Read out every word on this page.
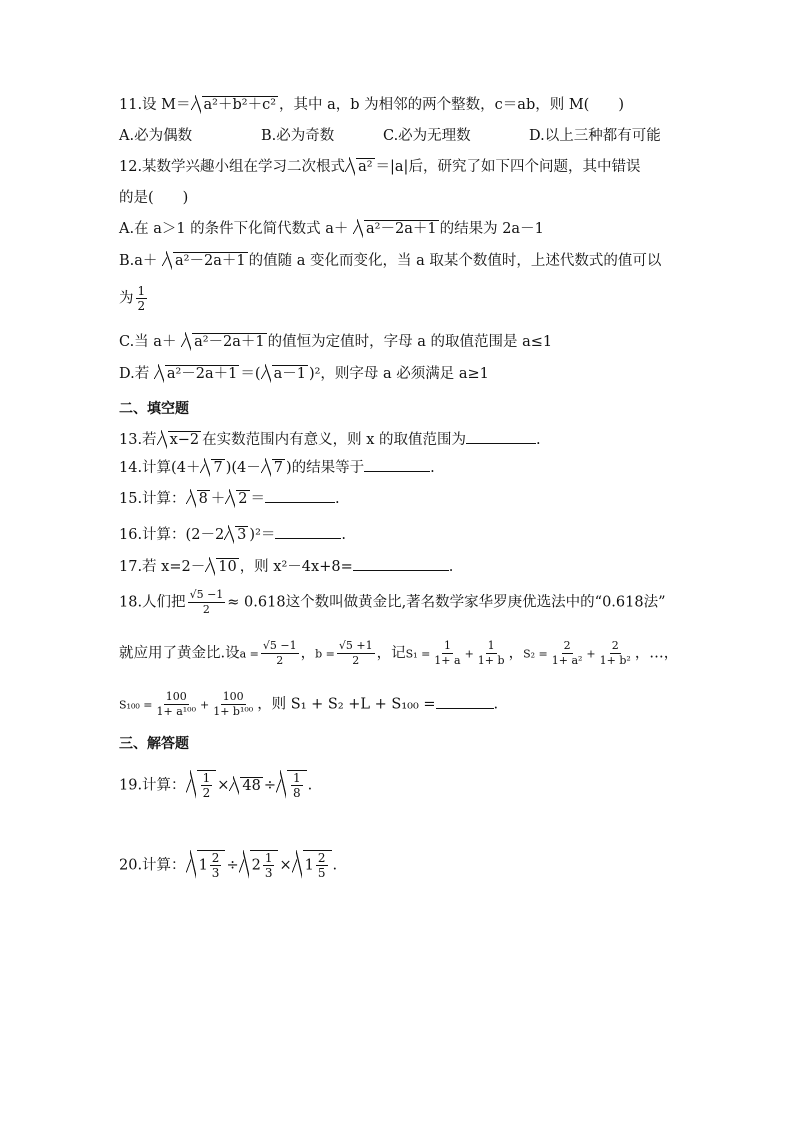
11.设 M＝ a²＋b²＋c² ，其中 a，b 为相邻的两个整数，c＝ab，则 M(　　)
A.必为偶数	B.必为奇数	C.必为无理数	D.以上三种都有可能
12.某数学兴趣小组在学习二次根式 a² ＝|a|后，研究了如下四个问题，其中错误
的是(　　)
A.在 a＞1 的条件下化简代数式 a＋ a²－2a＋1 的结果为 2a－1
B.a＋ a²－2a＋1 的值随 a 变化而变化，当 a 取某个数值时，上述代数式的值可以
为 $\frac{1}{2}$
C.当 a＋ a²－2a＋1 的值恒为定值时，字母 a 的取值范围是 a≤1
D.若 a²－2a＋1 ＝( a－1 )²，则字母 a 必须满足 a≥1
二、填空题
13.若 x−2 在实数范围内有意义，则 x 的取值范围为	.
14.计算(4＋ 7 )(4－ 7 )的结果等于	.
15.计算： 8 ＋ 2 ＝	.
16.计算：(2－2 3 )²＝	.
17.若 x=2－ 10 ，则 x²－4x+8=	.
18.人们把 $\frac{√5 -1}{2} \approx 0.618$这个数叫做黄金比,著名数学家华罗庚优选法中的“0.618法”
就应用了黄金比.设$a = \frac{√5 -1}{2}$ ，$b = \frac{√5 +1}{2}$ ，记$S_1 = \frac{1}{1+ a} + \frac{1}{1+ b}$ ，$S_2 = \frac{2}{\text{1+ a²}} + \frac{2}{\text{1+ b²}}$ ，…，
$S_{100} = \frac{100}{\text{1+ a¹⁰⁰}} + \frac{100}{\text{1+ b¹⁰⁰}}$ ，则 S₁ + S₂ +L + S₁₀₀ =	.
三、解答题
19.计算： $\frac{1}{2} \times 48 \div \frac{1}{8}$ .
20.计算： $1 \frac{2}{3} \div 2 \frac{1}{3} \times 1 \frac{2}{5}$ .
